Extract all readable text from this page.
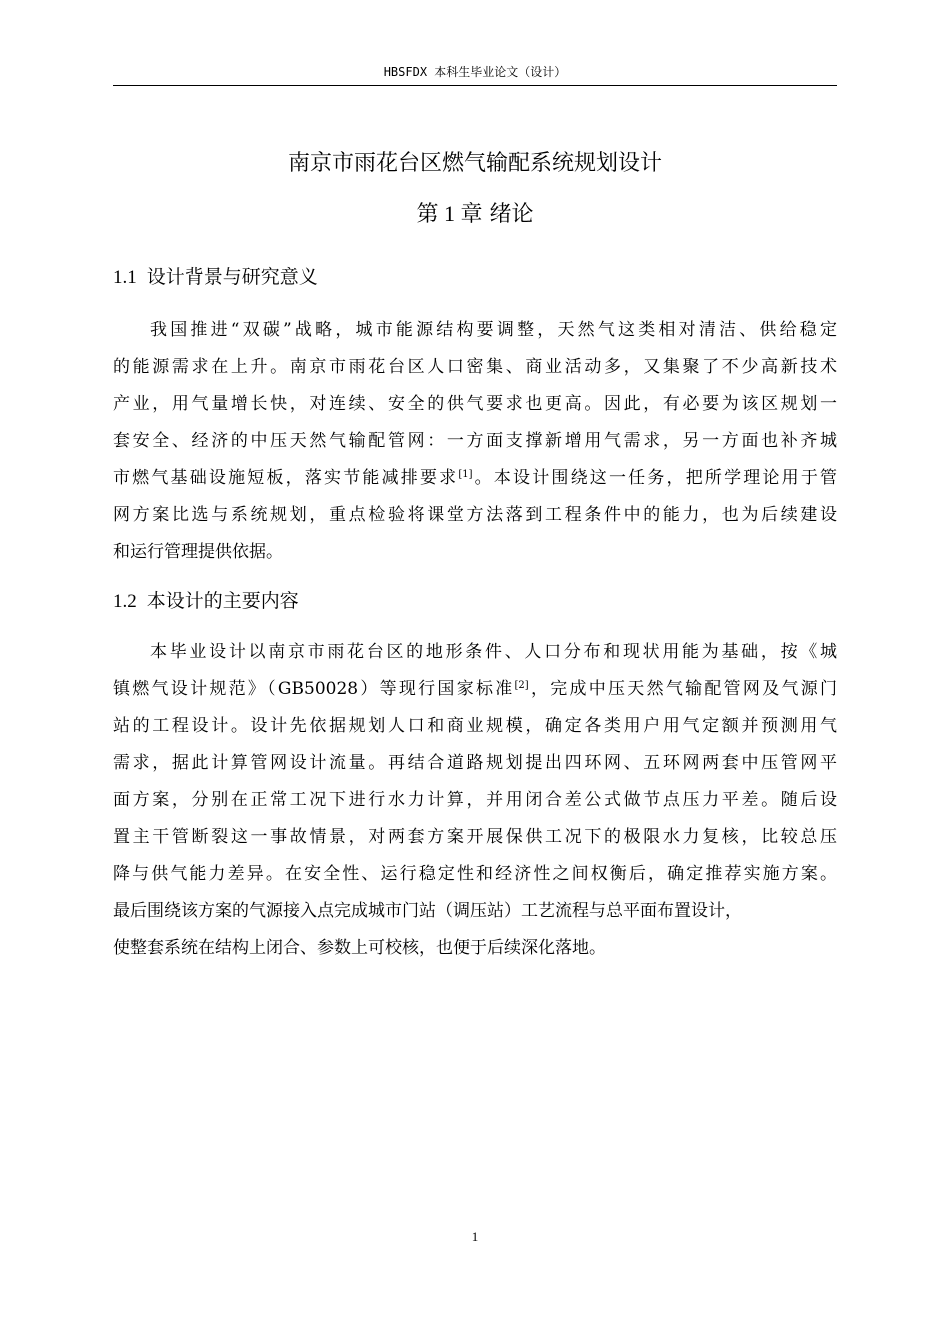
HBSFDX 本科生毕业论文（设计）
南京市雨花台区燃气输配系统规划设计
第 1 章 绪论
1.1 设计背景与研究意义

我国推进“双碳”战略，城市能源结构要调整，天然气这类相对清洁、供给稳定
的能源需求在上升。南京市雨花台区人口密集、商业活动多，又集聚了不少高新技术
产业，用气量增长快，对连续、安全的供气要求也更高。因此，有必要为该区规划一
套安全、经济的中压天然气输配管网：一方面支撑新增用气需求，另一方面也补齐城
市燃气基础设施短板，落实节能减排要求[1]。本设计围绕这一任务，把所学理论用于管
网方案比选与系统规划，重点检验将课堂方法落到工程条件中的能力，也为后续建设
和运行管理提供依据。

1.2 本设计的主要内容

本毕业设计以南京市雨花台区的地形条件、人口分布和现状用能为基础，按《城
镇燃气设计规范》（GB50028）等现行国家标准[2]，完成中压天然气输配管网及气源门
站的工程设计。设计先依据规划人口和商业规模，确定各类用户用气定额并预测用气
需求，据此计算管网设计流量。再结合道路规划提出四环网、五环网两套中压管网平
面方案，分别在正常工况下进行水力计算，并用闭合差公式做节点压力平差。随后设
置主干管断裂这一事故情景，对两套方案开展保供工况下的极限水力复核，比较总压
降与供气能力差异。在安全性、运行稳定性和经济性之间权衡后，确定推荐实施方案。
最后围绕该方案的气源接入点完成城市门站（调压站）工艺流程与总平面布置设计，
使整套系统在结构上闭合、参数上可校核，也便于后续深化落地。

1
